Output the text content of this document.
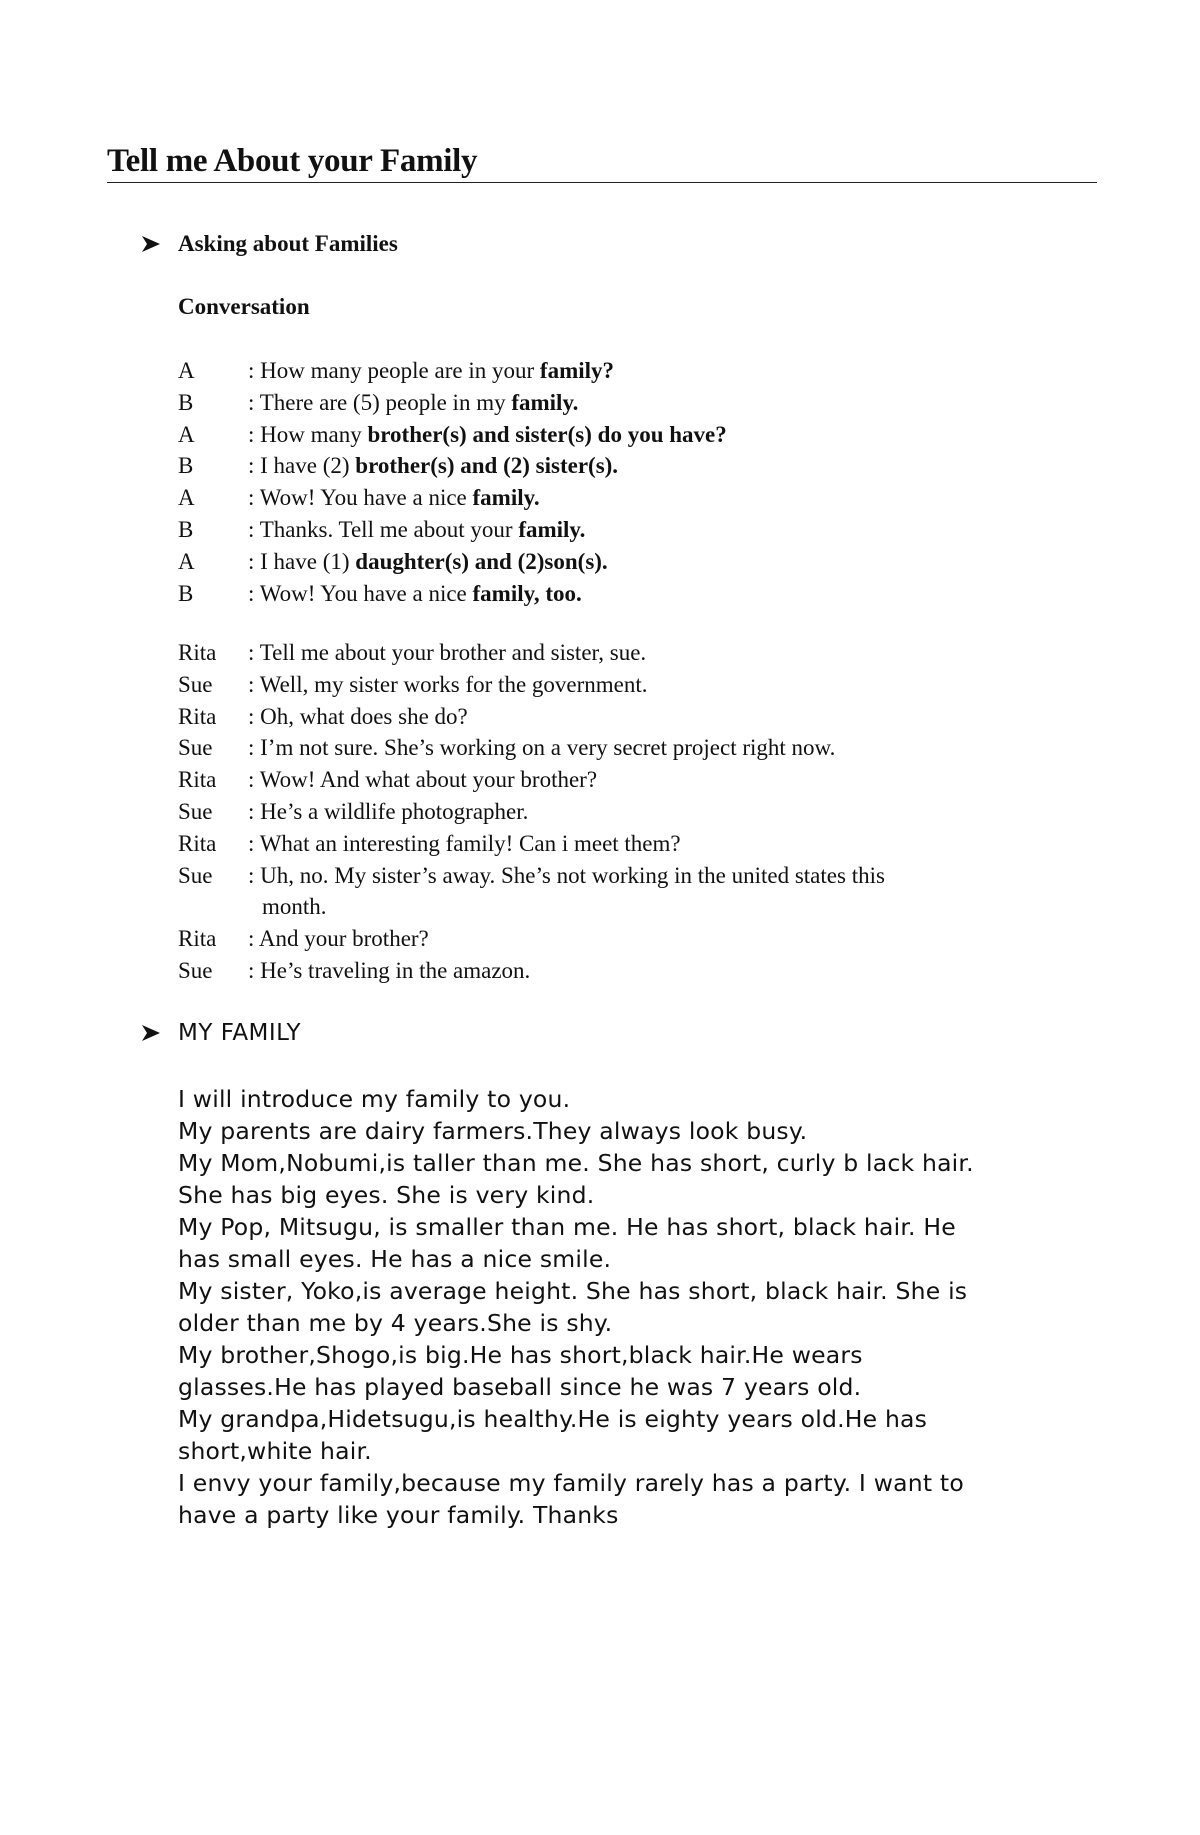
Tell me About your Family
Asking about Families
Conversation
A	: How many people are in your family?
B	: There are (5) people in my family.
A	: How many brother(s) and sister(s) do you have?
B	: I have (2) brother(s) and (2) sister(s).
A	: Wow! You have a nice family.
B	: Thanks. Tell me about your family.
A	: I have (1) daughter(s) and (2)son(s).
B	: Wow! You have a nice family, too.
Rita	: Tell me about your brother and sister, sue.
Sue	: Well, my sister works for the government.
Rita	: Oh, what does she do?
Sue	: I’m not sure. She’s working on a very secret project right now.
Rita	: Wow! And what about your brother?
Sue	: He’s a wildlife photographer.
Rita	: What an interesting family! Can i meet them?
Sue	: Uh, no. My sister’s away. She’s not working in the united states this
month.
Rita	: And your brother?
Sue	: He’s traveling in the amazon.
MY FAMILY
I will introduce my family to you.
My parents are dairy farmers.They always look busy.
My Mom,Nobumi,is taller than me. She has short, curly b lack hair.
She has big eyes. She is very kind.
My Pop, Mitsugu, is smaller than me. He has short, black hair. He
has small eyes. He has a nice smile.
My sister, Yoko,is average height. She has short, black hair. She is
older than me by 4 years.She is shy.
My brother,Shogo,is big.He has short,black hair.He wears
glasses.He has played baseball since he was 7 years old.
My grandpa,Hidetsugu,is healthy.He is eighty years old.He has
short,white hair.
I envy your family,because my family rarely has a party. I want to
have a party like your family. Thanks
